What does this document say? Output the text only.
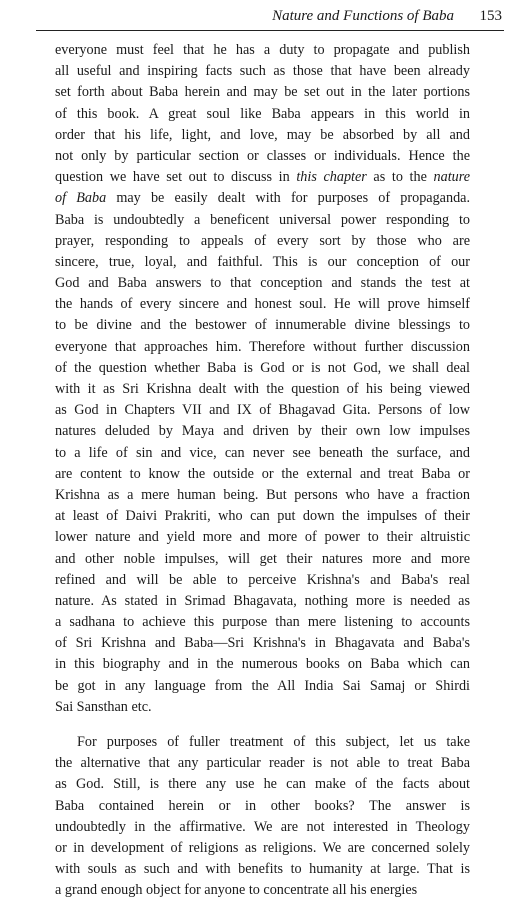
Nature and Functions of Baba 153
everyone must feel that he has a duty to propagate and publish
all useful and inspiring facts such as those that have been already
set forth about Baba herein and may be set out in the later portions
of this book. A great soul like Baba appears in this world in
order that his life, light, and love, may be absorbed by all and
not only by particular section or classes or individuals. Hence the
question we have set out to discuss in this chapter as to the nature
of Baba may be easily dealt with for purposes of propaganda.
Baba is undoubtedly a beneficent universal power responding to
prayer, responding to appeals of every sort by those who are
sincere, true, loyal, and faithful. This is our conception of our
God and Baba answers to that conception and stands the test at
the hands of every sincere and honest soul. He will prove himself
to be divine and the bestower of innumerable divine blessings to
everyone that approaches him. Therefore without further discussion
of the question whether Baba is God or is not God, we shall deal
with it as Sri Krishna dealt with the question of his being viewed
as God in Chapters VII and IX of Bhagavad Gita. Persons of low
natures deluded by Maya and driven by their own low impulses
to a life of sin and vice, can never see beneath the surface, and
are content to know the outside or the external and treat Baba or
Krishna as a mere human being. But persons who have a fraction
at least of Daivi Prakriti, who can put down the impulses of their
lower nature and yield more and more of power to their altruistic
and other noble impulses, will get their natures more and more
refined and will be able to perceive Krishna's and Baba's real
nature. As stated in Srimad Bhagavata, nothing more is needed as
a sadhana to achieve this purpose than mere listening to accounts
of Sri Krishna and Baba—Sri Krishna's in Bhagavata and Baba's
in this biography and in the numerous books on Baba which can
be got in any language from the All India Sai Samaj or Shirdi
Sai Sansthan etc.
For purposes of fuller treatment of this subject, let us take
the alternative that any particular reader is not able to treat Baba
as God. Still, is there any use he can make of the facts about
Baba contained herein or in other books? The answer is
undoubtedly in the affirmative. We are not interested in Theology
or in development of religions as religions. We are concerned solely
with souls as such and with benefits to humanity at large. That is
a grand enough object for anyone to concentrate all his energies
